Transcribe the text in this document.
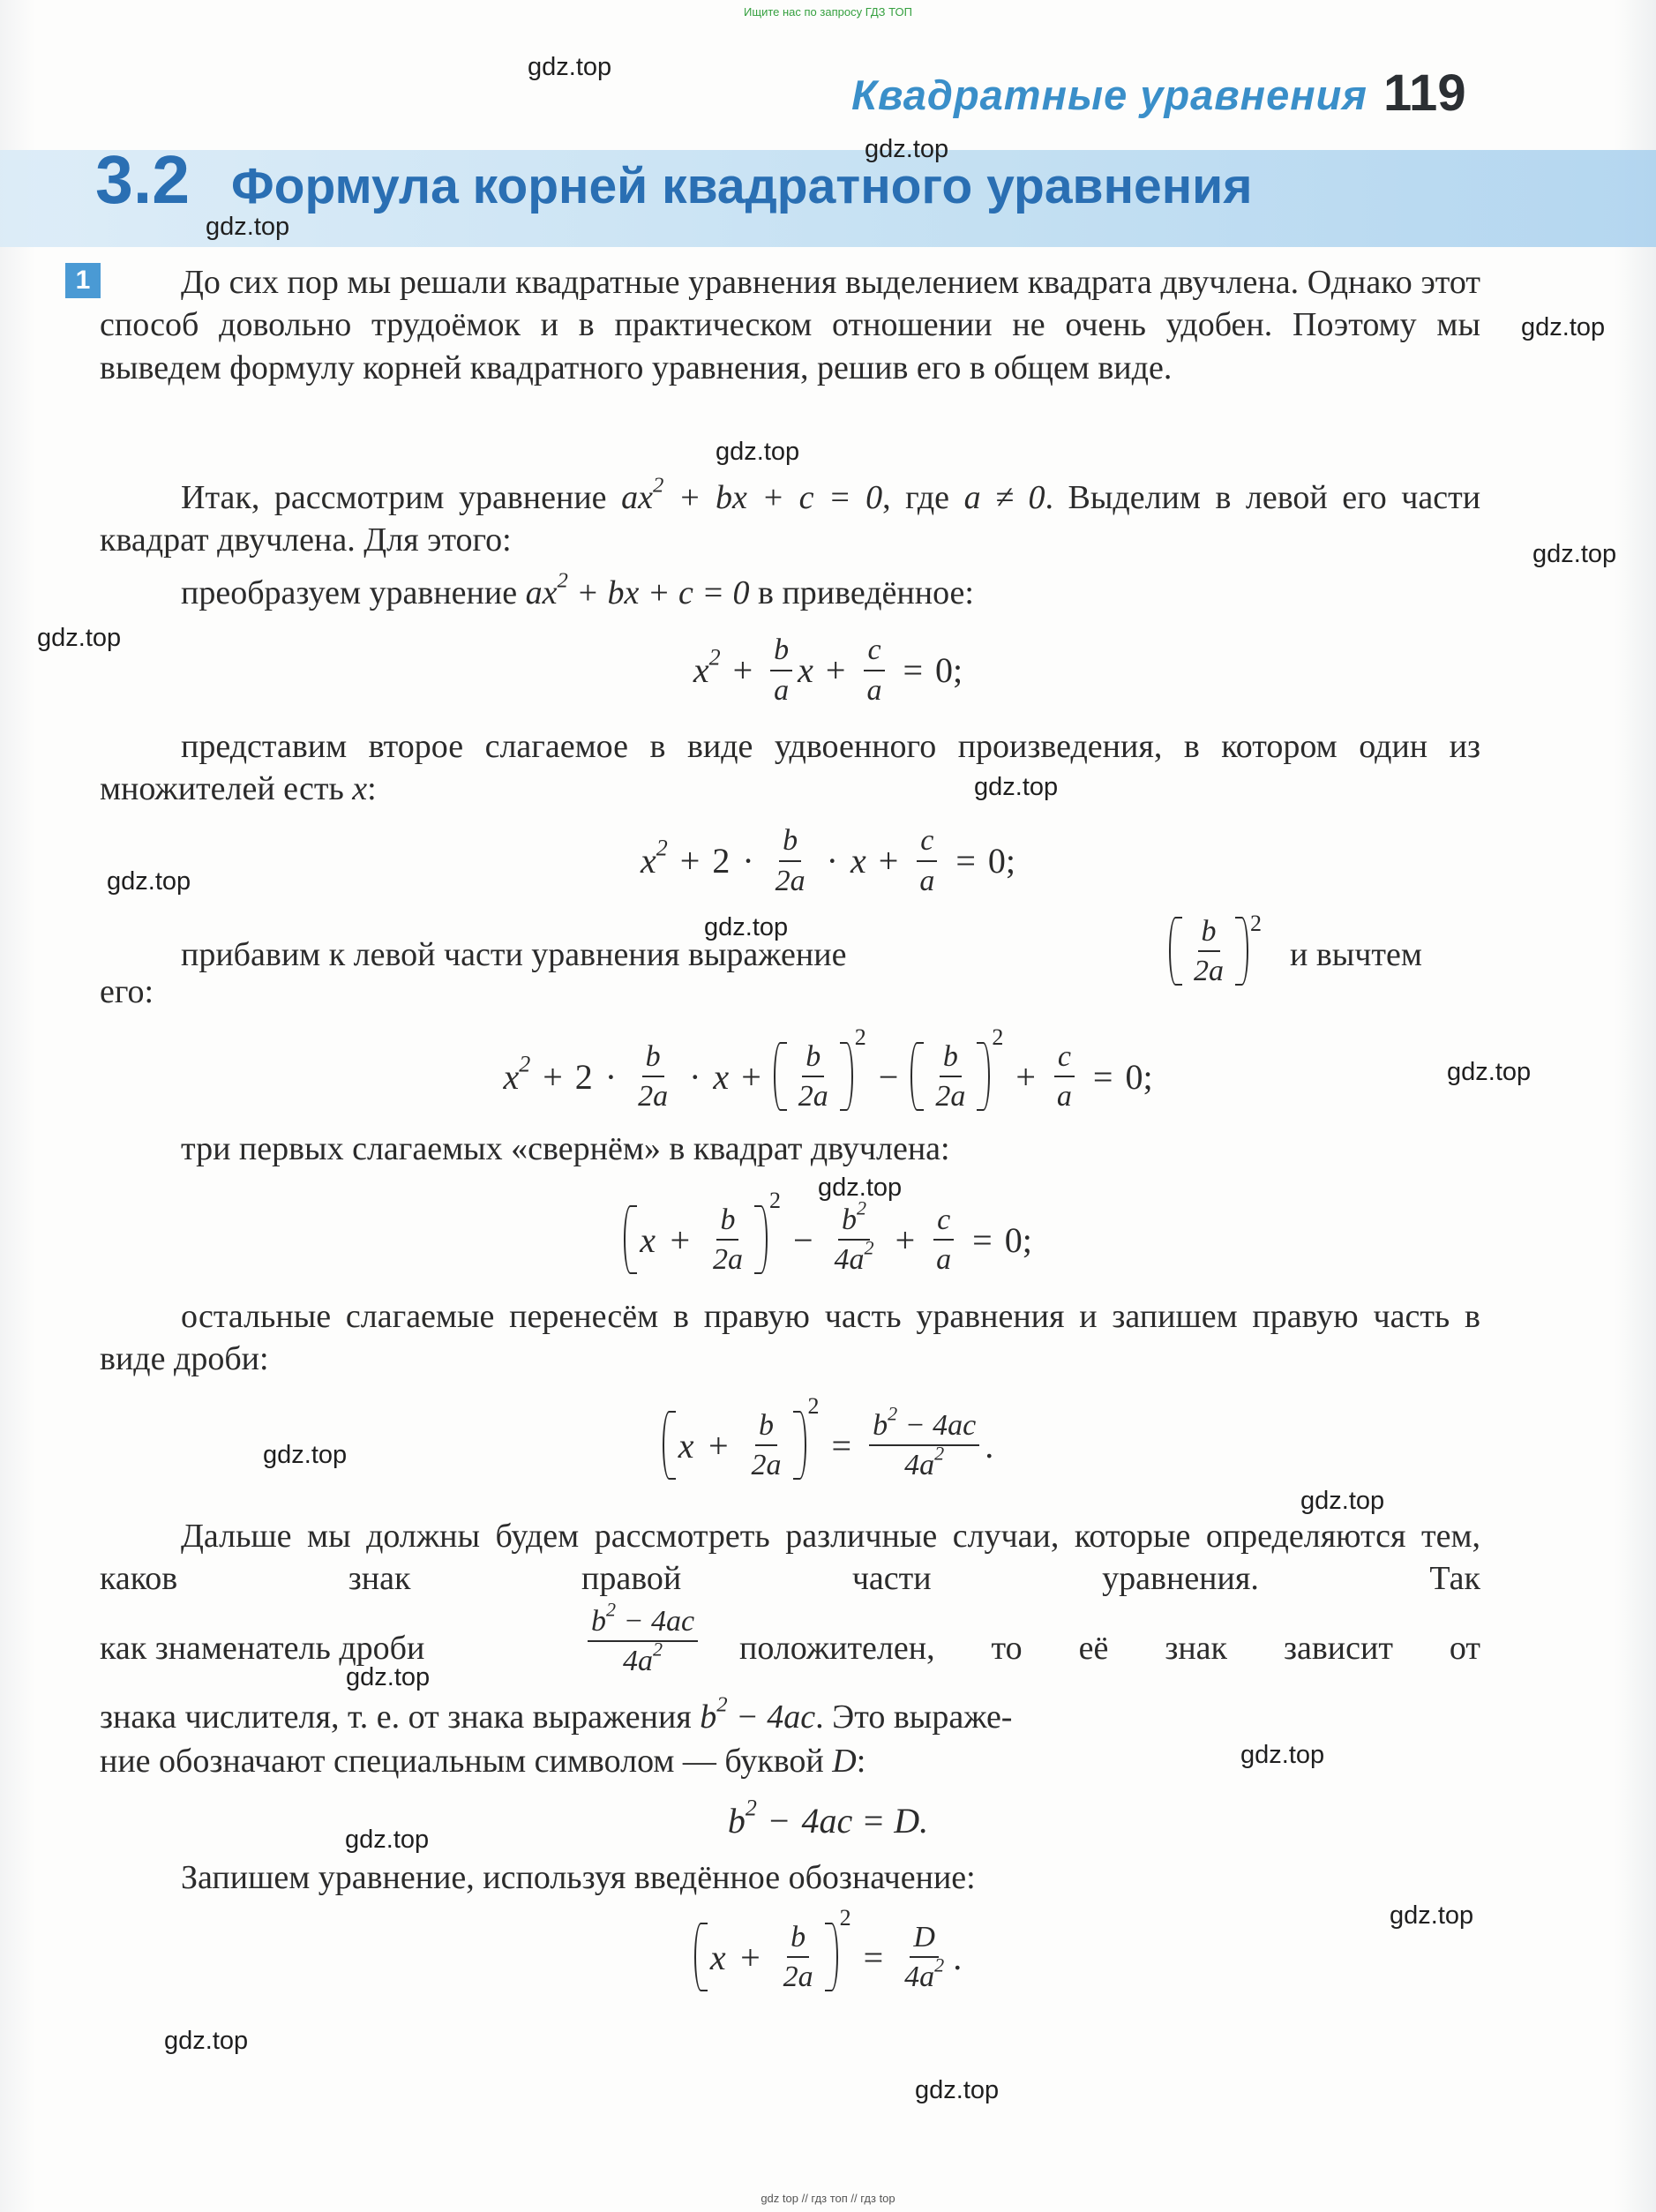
Ищите нас по запросу ГДЗ ТОП
Квадратные уравнения 119
3.2 Формула корней квадратного уравнения
1	До сих пор мы решали квадратные уравнения выделением квадрата двучлена. Однако этот способ довольно трудоёмок и в практическом отношении не очень удобен. Поэтому мы выведем формулу корней квадратного уравнения, решив его в общем виде.
Итак, рассмотрим уравнение $ax^2$ + bx + c = 0, где a ≠ 0. Выделим в левой его части квадрат двучлена. Для этого:
преобразуем уравнение $ax^2$ + bx + c = 0 в приведённое:
$x^2 + \frac{b}{a}$ $x + \frac{c}{a} = 0$;
представим второе слагаемое в виде удвоенного произведения, в котором один из множителей есть x:
$x^2 + 2 \cdot \frac{b}{2a} \cdot x + \frac{c}{a} = 0$;
прибавим к левой части уравнения выражение	$\frac{b}{2a} 2$
и вычтем
его:
$x^2 + 2 \cdot \frac{b}{2a} \cdot x + \frac{b}{2a}$
2
− $\frac{b}{2a}$
2
+ $\frac{c}{a} = 0$;
три первых слагаемых «свернём» в квадрат двучлена:
$x + \frac{b}{2a}$
2
− $\frac{b^2}{4a^2} + \frac{c}{a} = 0$;
остальные слагаемые перенесём в правую часть уравнения и запишем правую часть в виде дроби:
$x + \frac{b}{2a}$
2
= $\frac{b^2 - 4ac}{4a^2}$ .
Дальше мы должны будем рассмотреть различные случаи, которые определяются тем, каков знак правой части уравнения. Так
как знаменатель дроби	$\frac{b^2 - 4ac}{4a^2}$ положителен, то её знак зависит от
знака числителя, т. е. от знака выражения $b^2 - 4ac$. Это выраже-
ние обозначают специальным символом — буквой D:
$b^2 - 4ac = D$.
Запишем уравнение, используя введённое обозначение:
$x + \frac{b}{2a}$
2
= $\frac{D}{4a^2}$ .
gdz.top
gdz.top
gdz.top
gdz.top
gdz.top
gdz.top
gdz.top
gdz.top
gdz.top
gdz.top
gdz.top
gdz.top
gdz.top
gdz.top
gdz.top
gdz.top
gdz.top
gdz.top
gdz.top
gdz.top
gdz top // гдз топ // гдз top
